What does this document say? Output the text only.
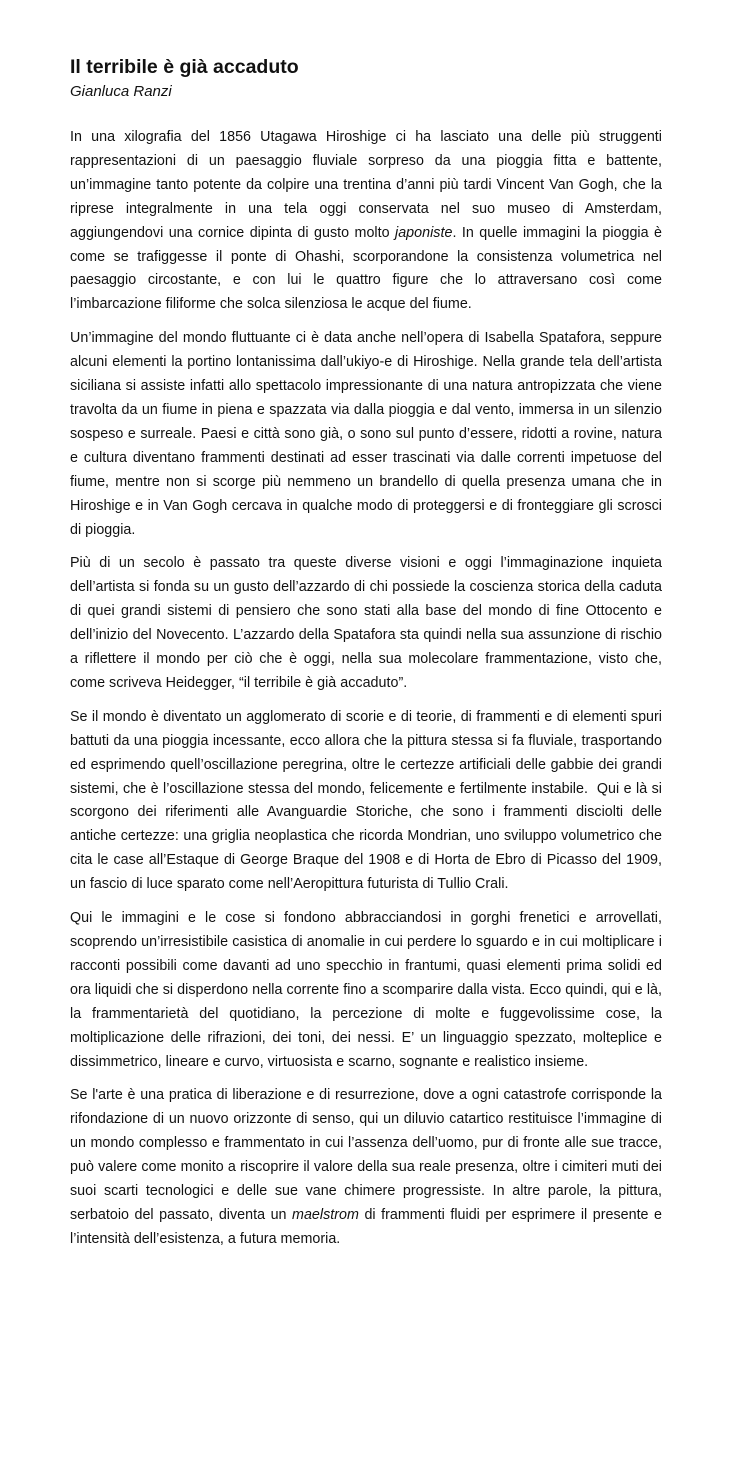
Il terribile è già accaduto
Gianluca Ranzi

In una xilografia del 1856 Utagawa Hiroshige ci ha lasciato una delle più struggenti rappresentazioni di un paesaggio fluviale sorpreso da una pioggia fitta e battente, un’immagine tanto potente da colpire una trentina d’anni più tardi Vincent Van Gogh, che la riprese integralmente in una tela oggi conservata nel suo museo di Amsterdam, aggiungendovi una cornice dipinta di gusto molto japoniste. In quelle immagini la pioggia è come se trafiggesse il ponte di Ohashi, scorporandone la consistenza volumetrica nel paesaggio circostante, e con lui le quattro figure che lo attraversano così come l’imbarcazione filiforme che solca silenziosa le acque del fiume.

Un’immagine del mondo fluttuante ci è data anche nell’opera di Isabella Spatafora, seppure alcuni elementi la portino lontanissima dall’ukiyo-e di Hiroshige. Nella grande tela dell’artista siciliana si assiste infatti allo spettacolo impressionante di una natura antropizzata che viene travolta da un fiume in piena e spazzata via dalla pioggia e dal vento, immersa in un silenzio sospeso e surreale. Paesi e città sono già, o sono sul punto d’essere, ridotti a rovine, natura e cultura diventano frammenti destinati ad esser trascinati via dalle correnti impetuose del fiume, mentre non si scorge più nemmeno un brandello di quella presenza umana che in Hiroshige e in Van Gogh cercava in qualche modo di proteggersi e di fronteggiare gli scrosci di pioggia.

Più di un secolo è passato tra queste diverse visioni e oggi l’immaginazione inquieta dell’artista si fonda su un gusto dell’azzardo di chi possiede la coscienza storica della caduta di quei grandi sistemi di pensiero che sono stati alla base del mondo di fine Ottocento e dell’inizio del Novecento. L’azzardo della Spatafora sta quindi nella sua assunzione di rischio a riflettere il mondo per ciò che è oggi, nella sua molecolare frammentazione, visto che, come scriveva Heidegger, “il terribile è già accaduto”.

Se il mondo è diventato un agglomerato di scorie e di teorie, di frammenti e di elementi spuri battuti da una pioggia incessante, ecco allora che la pittura stessa si fa fluviale, trasportando ed esprimendo quell’oscillazione peregrina, oltre le certezze artificiali delle gabbie dei grandi sistemi, che è l’oscillazione stessa del mondo, felicemente e fertilmente instabile.  Qui e là si scorgono dei riferimenti alle Avanguardie Storiche, che sono i frammenti disciolti delle antiche certezze: una griglia neoplastica che ricorda Mondrian, uno sviluppo volumetrico che cita le case all’Estaque di George Braque del 1908 e di Horta de Ebro di Picasso del 1909, un fascio di luce sparato come nell’Aeropittura futurista di Tullio Crali.

Qui le immagini e le cose si fondono abbracciandosi in gorghi frenetici e arrovellati, scoprendo un’irresistibile casistica di anomalie in cui perdere lo sguardo e in cui moltiplicare i racconti possibili come davanti ad uno specchio in frantumi, quasi elementi prima solidi ed ora liquidi che si disperdono nella corrente fino a scomparire dalla vista. Ecco quindi, qui e là, la frammentarietà del quotidiano, la percezione di molte e fuggevolissime cose, la moltiplicazione delle rifrazioni, dei toni, dei nessi. E’ un linguaggio spezzato, molteplice e dissimmetrico, lineare e curvo, virtuosista e scarno, sognante e realistico insieme.

Se l'arte è una pratica di liberazione e di resurrezione, dove a ogni catastrofe corrisponde la rifondazione di un nuovo orizzonte di senso, qui un diluvio catartico restituisce l’immagine di un mondo complesso e frammentato in cui l’assenza dell’uomo, pur di fronte alle sue tracce, può valere come monito a riscoprire il valore della sua reale presenza, oltre i cimiteri muti dei suoi scarti tecnologici e delle sue vane chimere progressiste. In altre parole, la pittura, serbatoio del passato, diventa un maelstrom di frammenti fluidi per esprimere il presente e l’intensità dell’esistenza, a futura memoria.
